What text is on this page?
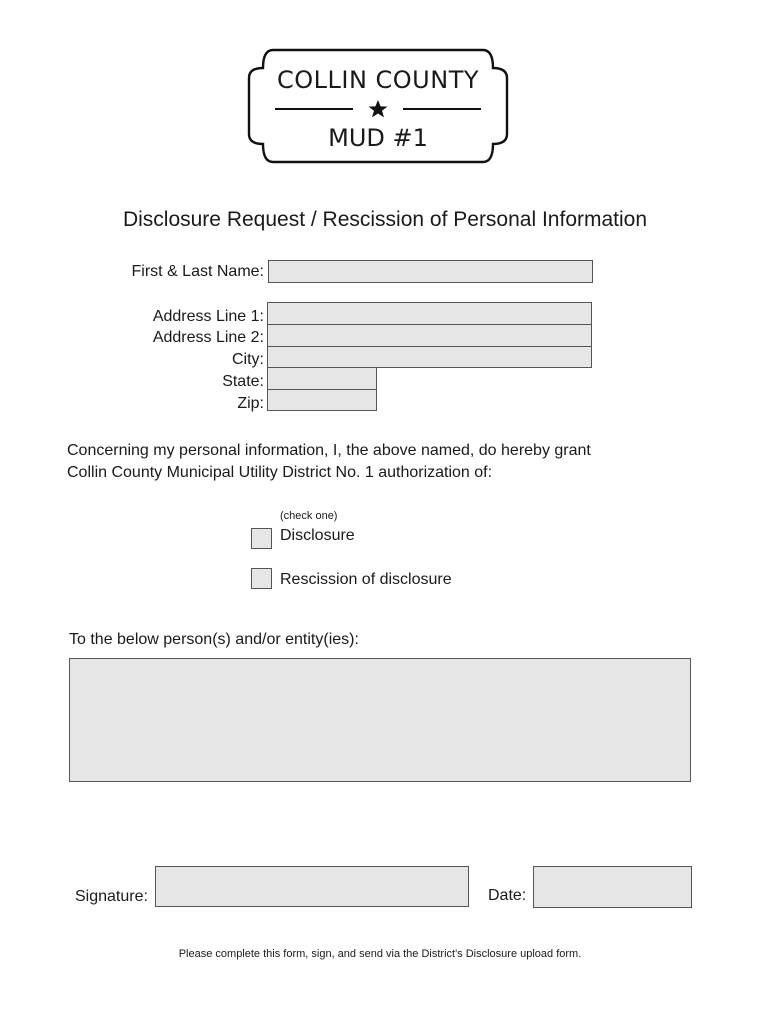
COLLIN COUNTY
MUD #1
Disclosure Request / Rescission of Personal Information
First & Last Name:
Address Line 1:
Address Line 2:
City:
State:
Zip:
Concerning my personal information, I, the above named, do hereby grant
Collin County Municipal Utility District No. 1 authorization of:
(check one)
Disclosure
Rescission of disclosure
To the below person(s) and/or entity(ies):
Signature:	Date:
Please complete this form, sign, and send via the District's Disclosure upload form.
